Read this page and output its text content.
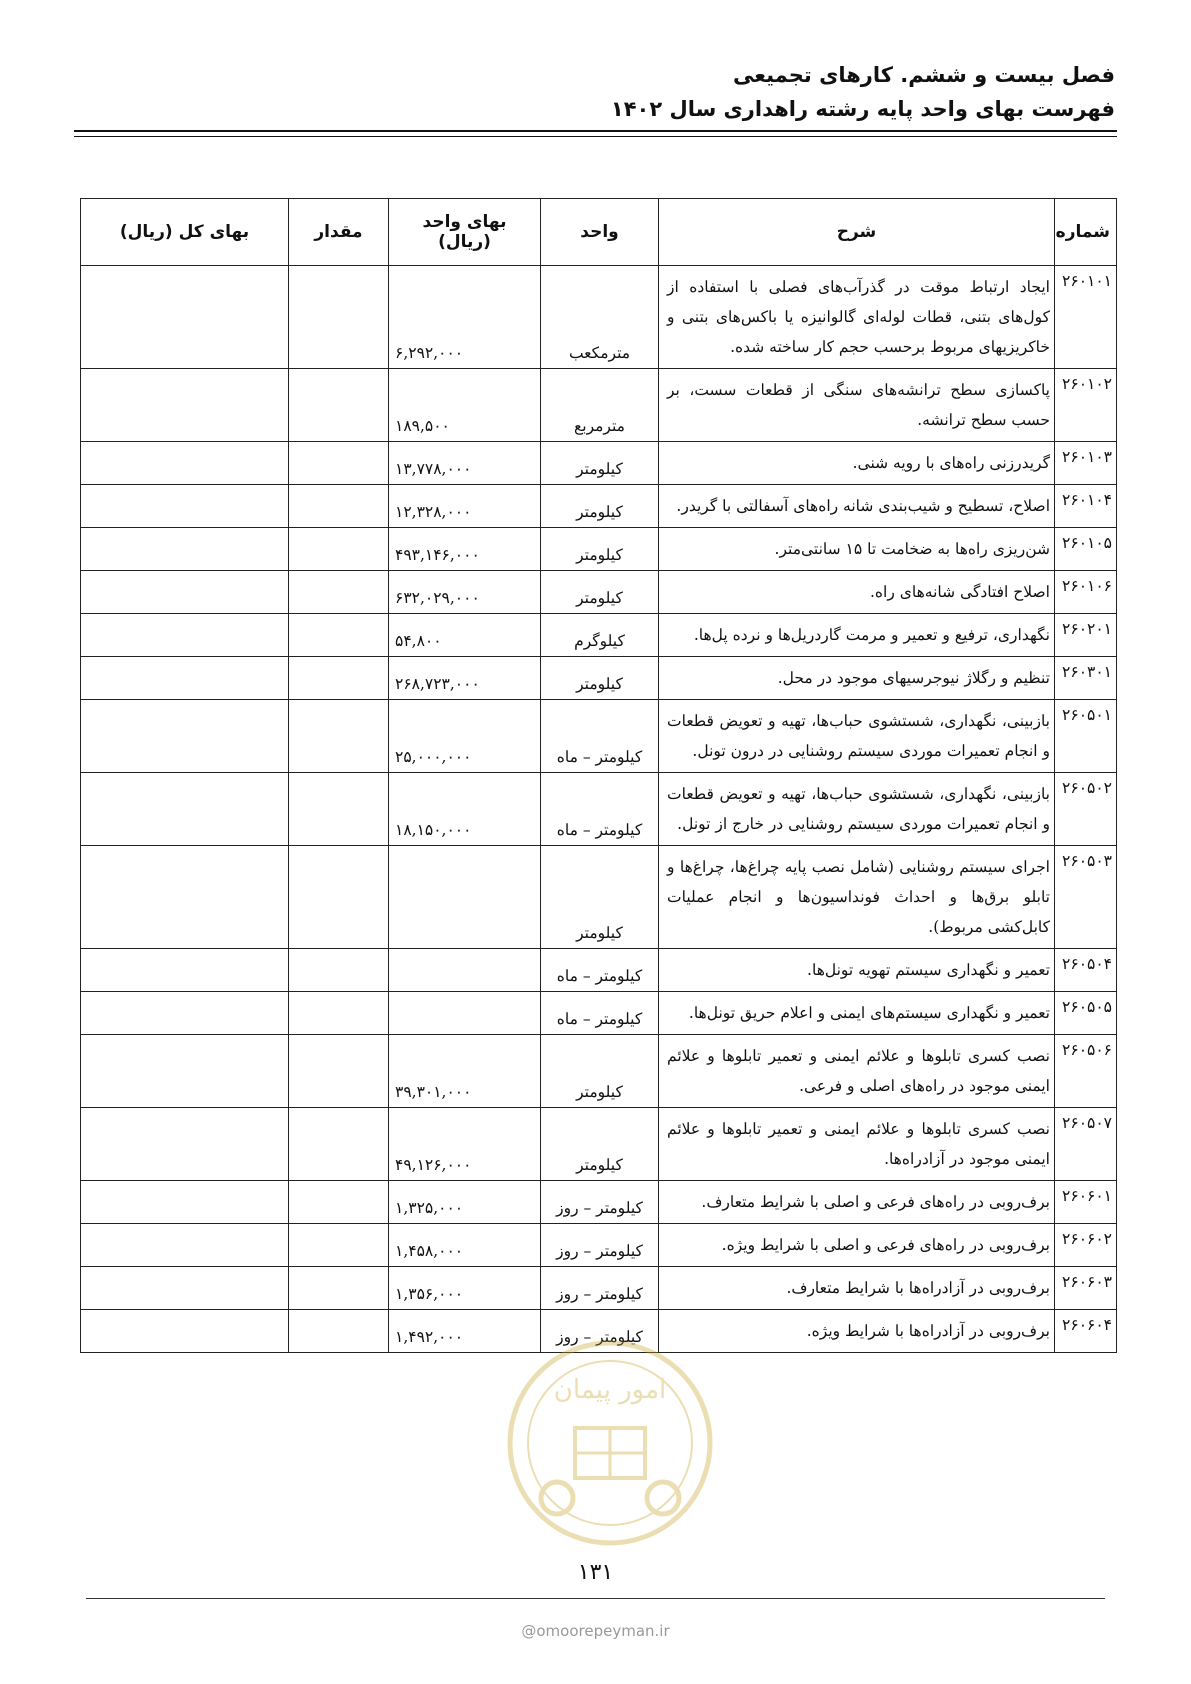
فصل بیست و ششم. کارهای تجمیعی
فهرست بهای واحد پایه رشته راهداری سال ۱۴۰۲
شماره	شرح	واحد	بهای واحد (ریال)	مقدار	بهای کل (ریال)
۲۶۰۱۰۱	ایجاد ارتباط موقت در گذرآب‌های فصلی با استفاده از کول‌های بتنی، قطات لوله‌ای گالوانیزه یا باکس‌های بتنی و خاکریزیهای مربوط برحسب حجم کار ساخته شده.	مترمکعب	۶,۲۹۲,۰۰۰		
۲۶۰۱۰۲	پاکسازی سطح ترانشه‌های سنگی از قطعات سست، بر حسب سطح ترانشه.	مترمربع	۱۸۹,۵۰۰		
۲۶۰۱۰۳	گریدرزنی راه‌های با رویه شنی.	کیلومتر	۱۳,۷۷۸,۰۰۰		
۲۶۰۱۰۴	اصلاح، تسطیح و شیب‌بندی شانه راه‌های آسفالتی با گریدر.	کیلومتر	۱۲,۳۲۸,۰۰۰		
۲۶۰۱۰۵	شن‌ریزی راه‌ها به ضخامت تا ۱۵ سانتی‌متر.	کیلومتر	۴۹۳,۱۴۶,۰۰۰		
۲۶۰۱۰۶	اصلاح افتادگی شانه‌های راه.	کیلومتر	۶۳۲,۰۲۹,۰۰۰		
۲۶۰۲۰۱	نگهداری، ترفیع و تعمیر و مرمت گاردریل‌ها و نرده پل‌ها.	کیلوگرم	۵۴,۸۰۰		
۲۶۰۳۰۱	تنظیم و رگلاژ نیوجرسیهای موجود در محل.	کیلومتر	۲۶۸,۷۲۳,۰۰۰		
۲۶۰۵۰۱	بازبینی، نگهداری، شستشوی حباب‌ها، تهیه و تعویض قطعات و انجام تعمیرات موردی سیستم روشنایی در درون تونل.	کیلومتر – ماه	۲۵,۰۰۰,۰۰۰		
۲۶۰۵۰۲	بازبینی، نگهداری، شستشوی حباب‌ها، تهیه و تعویض قطعات و انجام تعمیرات موردی سیستم روشنایی در خارج از تونل.	کیلومتر – ماه	۱۸,۱۵۰,۰۰۰		
۲۶۰۵۰۳	اجرای سیستم روشنایی (شامل نصب پایه چراغ‌ها، چراغ‌ها و تابلو برق‌ها و احداث فونداسیون‌ها و انجام عملیات کابل‌کشی مربوط).	کیلومتر			
۲۶۰۵۰۴	تعمیر و نگهداری سیستم تهویه تونل‌ها.	کیلومتر – ماه			
۲۶۰۵۰۵	تعمیر و نگهداری سیستم‌های ایمنی و اعلام حریق تونل‌ها.	کیلومتر – ماه			
۲۶۰۵۰۶	نصب کسری تابلوها و علائم ایمنی و تعمیر تابلوها و علائم ایمنی موجود در راه‌های اصلی و فرعی.	کیلومتر	۳۹,۳۰۱,۰۰۰		
۲۶۰۵۰۷	نصب کسری تابلوها و علائم ایمنی و تعمیر تابلوها و علائم ایمنی موجود در آزادراه‌ها.	کیلومتر	۴۹,۱۲۶,۰۰۰		
۲۶۰۶۰۱	برف‌روبی در راه‌های فرعی و اصلی با شرایط متعارف.	کیلومتر – روز	۱,۳۲۵,۰۰۰		
۲۶۰۶۰۲	برف‌روبی در راه‌های فرعی و اصلی با شرایط ویژه.	کیلومتر – روز	۱,۴۵۸,۰۰۰		
۲۶۰۶۰۳	برف‌روبی در آزادراه‌ها با شرایط متعارف.	کیلومتر – روز	۱,۳۵۶,۰۰۰		
۲۶۰۶۰۴	برف‌روبی در آزادراه‌ها با شرایط ویژه.	کیلومتر – روز	۱,۴۹۲,۰۰۰		
امور پیمان
۱۳۱
@omoorepeyman.ir
